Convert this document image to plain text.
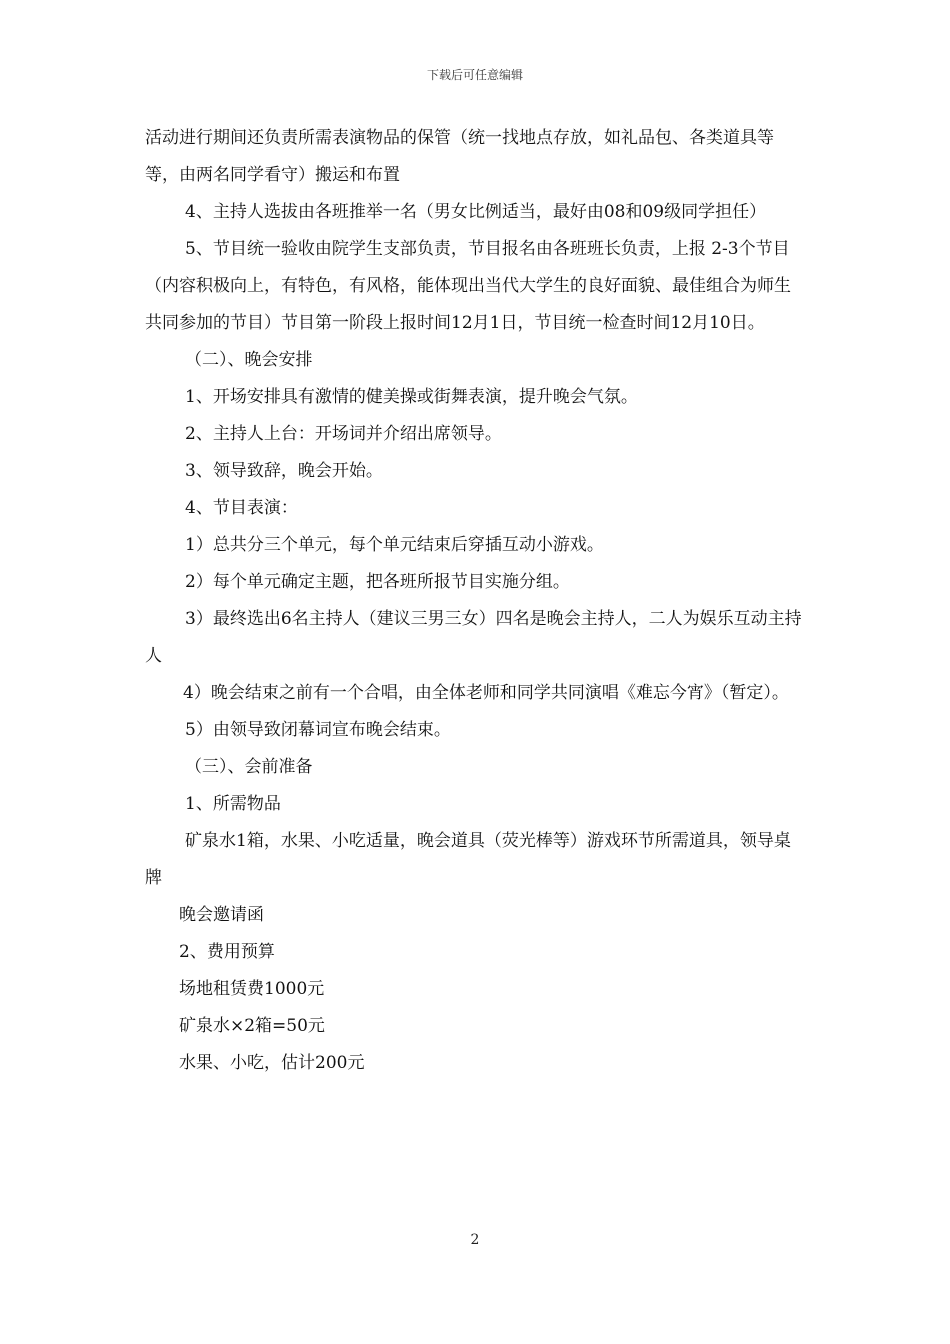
下载后可任意编辑

活动进行期间还负责所需表演物品的保管（统一找地点存放，如礼品包、各类道具等等，由两名同学看守）搬运和布置

4、主持人选拔由各班推举一名（男女比例适当，最好由08和09级同学担任）

5、节目统一验收由院学生支部负责，节目报名由各班班长负责，上报 2-3个节目（内容积极向上，有特色，有风格，能体现出当代大学生的良好面貌、最佳组合为师生共同参加的节目）节目第一阶段上报时间12月1日，节目统一检查时间12月10日。

（二）、晚会安排

1、开场安排具有激情的健美操或街舞表演，提升晚会气氛。

2、主持人上台：开场词并介绍出席领导。

3、领导致辞，晚会开始。

4、节目表演：

1）总共分三个单元，每个单元结束后穿插互动小游戏。

2）每个单元确定主题，把各班所报节目实施分组。

3）最终选出6名主持人（建议三男三女）四名是晚会主持人，二人为娱乐互动主持人

4）晚会结束之前有一个合唱，由全体老师和同学共同演唱《难忘今宵》（暂定）。

5）由领导致闭幕词宣布晚会结束。

（三）、会前准备

1、所需物品

矿泉水1箱，水果、小吃适量，晚会道具（荧光棒等）游戏环节所需道具，领导桌牌

晚会邀请函

2、费用预算

场地租赁费1000元

矿泉水×2箱=50元

水果、小吃，估计200元

2
